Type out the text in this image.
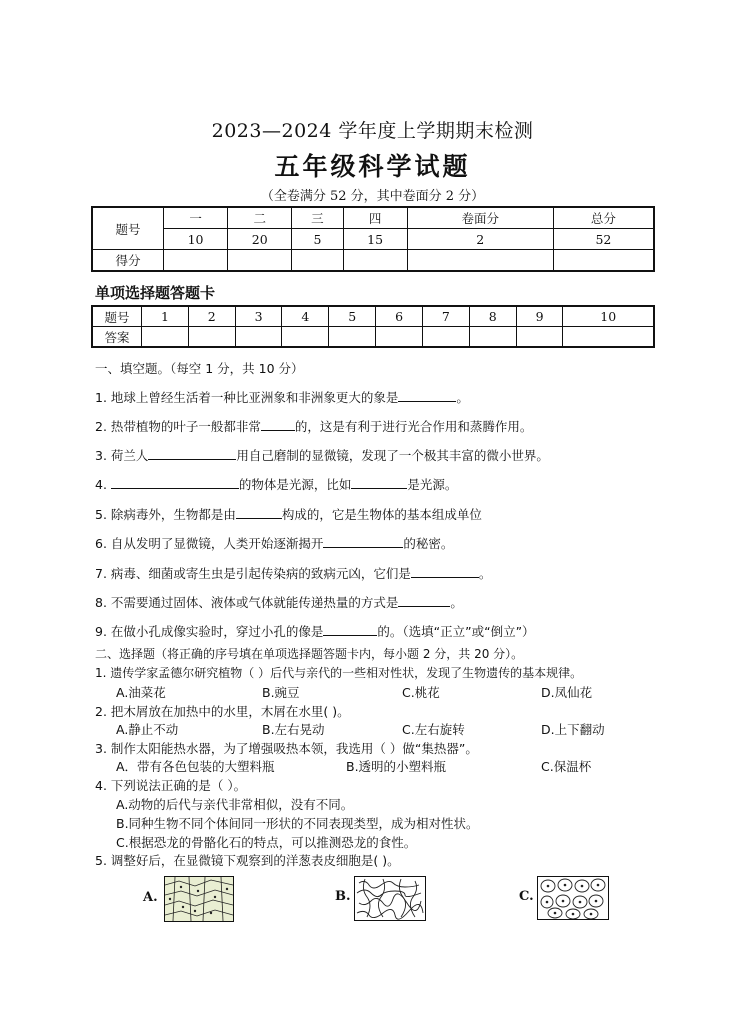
2023—2024 学年度上学期期末检测
五年级科学试题
（全卷满分 52 分，其中卷面分 2 分）
题号	一	二	三	四	卷面分	总分
	10	20	5	15	2	52
得分						
单项选择题答题卡
题号	1	2	3	4	5	6	7	8	9	10
答案										
一、填空题。（每空 1 分，共 10 分）
1. 地球上曾经生活着一种比亚洲象和非洲象更大的象是	。
2. 热带植物的叶子一般都非常	的，这是有利于进行光合作用和蒸腾作用。
3. 荷兰人	用自己磨制的显微镜，发现了一个极其丰富的微小世界。
4.	的物体是光源，比如	是光源。
5. 除病毒外，生物都是由	构成的，它是生物体的基本组成单位
6. 自从发明了显微镜，人类开始逐渐揭开	的秘密。
7. 病毒、细菌或寄生虫是引起传染病的致病元凶，它们是	。
8. 不需要通过固体、液体或气体就能传递热量的方式是	。
9. 在做小孔成像实验时，穿过小孔的像是	的。（选填“正立”或“倒立”）
二、选择题（将正确的序号填在单项选择题答题卡内，每小题 2 分，共 20 分）。
1. 遗传学家孟德尔研究植物（ ）后代与亲代的一些相对性状，发现了生物遗传的基本规律。
A.油菜花	B.豌豆	C.桃花	D.凤仙花
2. 把木屑放在加热中的水里，木屑在水里( )。
A.静止不动	B.左右晃动	C.左右旋转	D.上下翻动
3. 制作太阳能热水器，为了增强吸热本领，我选用（ ）做“集热器”。
A．带有各色包装的大塑料瓶	B.透明的小塑料瓶	C.保温杯
4. 下列说法正确的是（ ）。
A.动物的后代与亲代非常相似，没有不同。
B.同种生物不同个体间同一形状的不同表现类型，成为相对性状。
C.根据恐龙的骨骼化石的特点，可以推测恐龙的食性。
5. 调整好后，在显微镜下观察到的洋葱表皮细胞是( )。
A.	B.	C.
